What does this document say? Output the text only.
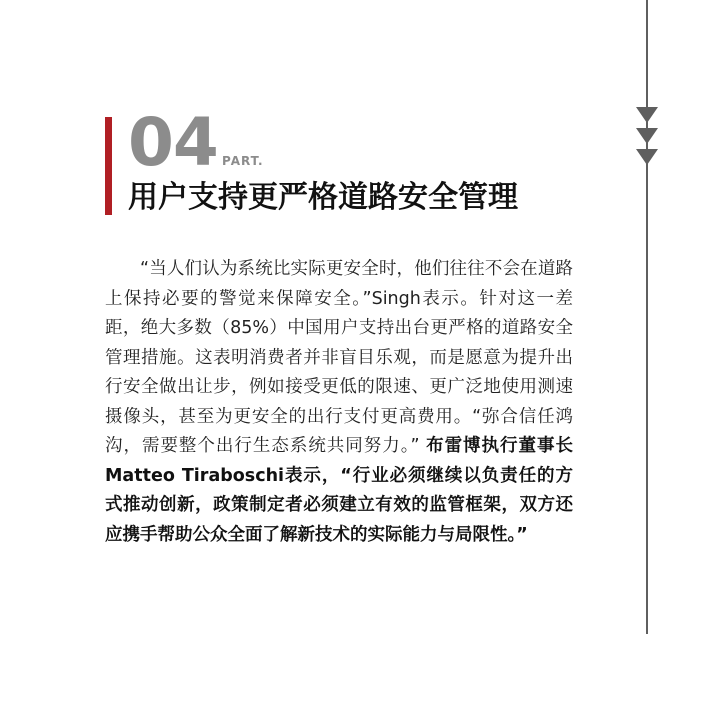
04 PART.
用户支持更严格道路安全管理

“当人们认为系统比实际更安全时，他们往往不会在道路上保持必要的警觉来保障安全。”Singh表示。针对这一差距，绝大多数（85%）中国用户支持出台更严格的道路安全管理措施。这表明消费者并非盲目乐观，而是愿意为提升出行安全做出让步，例如接受更低的限速、更广泛地使用测速摄像头，甚至为更安全的出行支付更高费用。“弥合信任鸿沟，需要整个出行生态系统共同努力。” 布雷博执行董事长Matteo Tiraboschi表示，“行业必须继续以负责任的方式推动创新，政策制定者必须建立有效的监管框架，双方还应携手帮助公众全面了解新技术的实际能力与局限性。”
